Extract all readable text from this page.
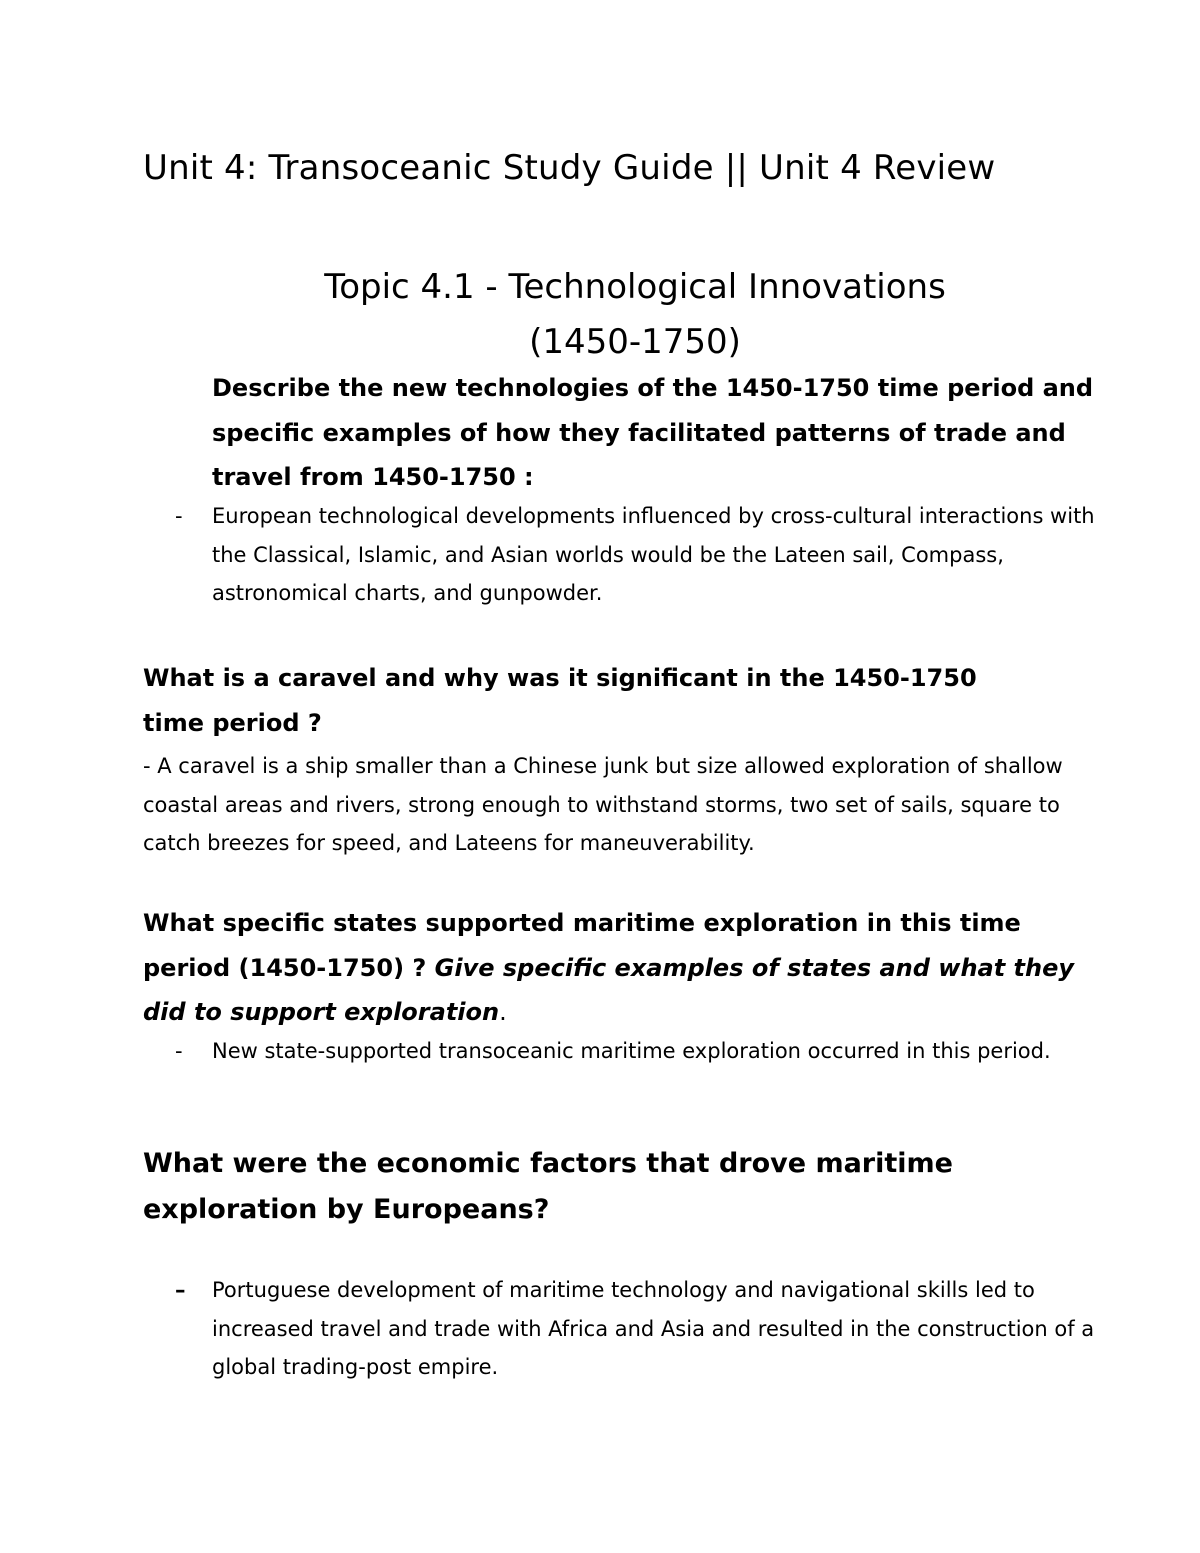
Unit 4: Transoceanic Study Guide || Unit 4 Review
Topic 4.1 - Technological Innovations
(1450-1750)

Describe the new technologies of the 1450-1750 time period and specific examples of how they facilitated patterns of trade and travel from 1450-1750 :

- European technological developments influenced by cross-cultural interactions with the Classical, Islamic, and Asian worlds would be the Lateen sail, Compass, astronomical charts, and gunpowder.

What is a caravel and why was it significant in the 1450-1750 time period ?

- A caravel is a ship smaller than a Chinese junk but size allowed exploration of shallow coastal areas and rivers, strong enough to withstand storms, two set of sails, square to catch breezes for speed, and Lateens for maneuverability.

What specific states supported maritime exploration in this time period (1450-1750) ? Give specific examples of states and what they did to support exploration.

- New state-supported transoceanic maritime exploration occurred in this period.

What were the economic factors that drove maritime exploration by Europeans?

– Portuguese development of maritime technology and navigational skills led to increased travel and trade with Africa and Asia and resulted in the construction of a global trading-post empire.
